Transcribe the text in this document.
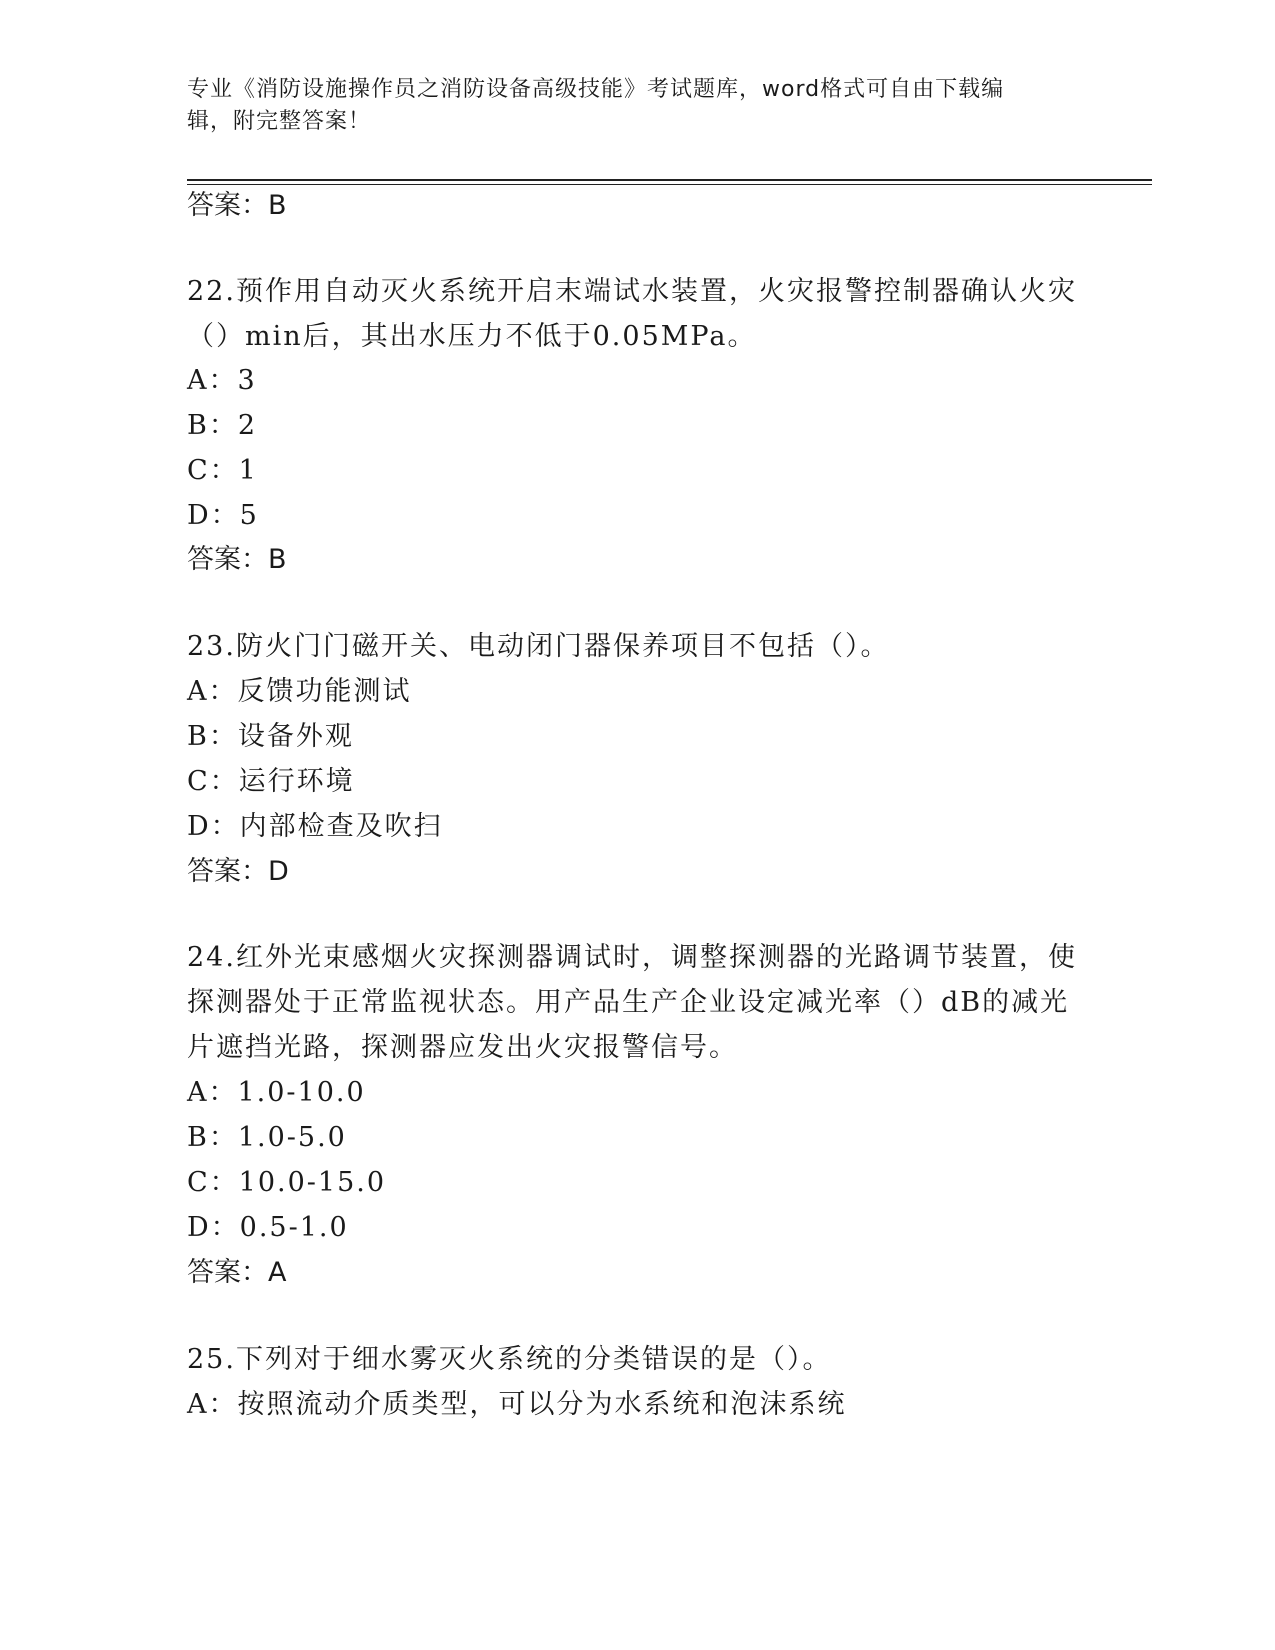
专业《消防设施操作员之消防设备高级技能》考试题库，word格式可自由下载编
辑，附完整答案！
答案：B
22.预作用自动灭火系统开启末端试水装置，火灾报警控制器确认火灾
（）min后，其出水压力不低于0.05MPa。
A：3
B：2
C：1
D：5
答案：B
23.防火门门磁开关、电动闭门器保养项目不包括（）。
A：反馈功能测试
B：设备外观
C：运行环境
D：内部检查及吹扫
答案：D
24.红外光束感烟火灾探测器调试时，调整探测器的光路调节装置，使
探测器处于正常监视状态。用产品生产企业设定减光率（）dB的减光
片遮挡光路，探测器应发出火灾报警信号。
A：1.0-10.0
B：1.0-5.0
C：10.0-15.0
D：0.5-1.0
答案：A
25.下列对于细水雾灭火系统的分类错误的是（）。
A：按照流动介质类型，可以分为水系统和泡沫系统
